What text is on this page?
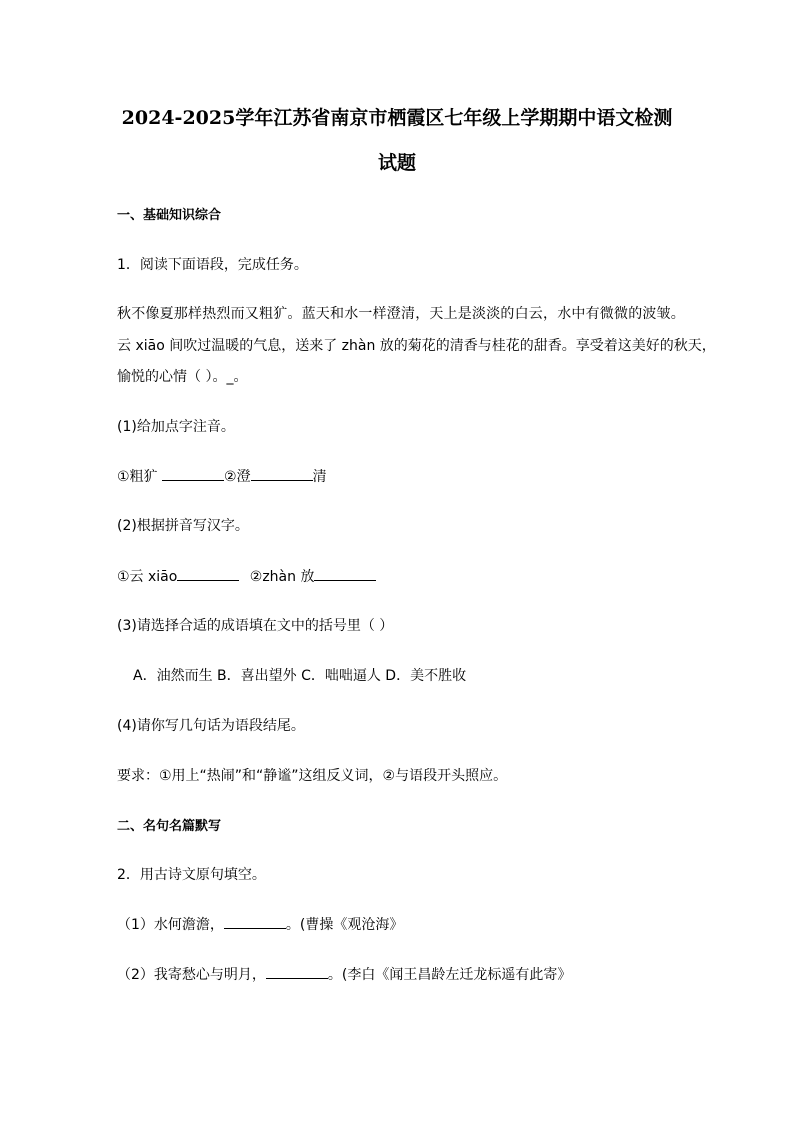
2024-2025学年江苏省南京市栖霞区七年级上学期期中语文检测
试题
一、基础知识综合
1．阅读下面语段，完成任务。
秋不像夏那样热烈而又粗犷。蓝天和水一样澄清，天上是淡淡的白云，水中有微微的波皱。
云 xiāo 间吹过温暖的气息，送来了 zhàn 放的菊花的清香与桂花的甜香。享受着这美好的秋天，
愉悦的心情（ ）。_。
(1)给加点字注音。
①粗犷	②澄	清
(2)根据拼音写汉字。
①云 xiāo	②zhàn 放
(3)请选择合适的成语填在文中的括号里（ ）
A．油然而生 B．喜出望外 C．咄咄逼人 D．美不胜收
(4)请你写几句话为语段结尾。
要求：①用上“热闹”和“静谧”这组反义词，②与语段开头照应。
二、名句名篇默写
2．用古诗文原句填空。
（1）水何澹澹，	。(曹操《观沧海》
（2）我寄愁心与明月，	。(李白《闻王昌龄左迁龙标遥有此寄》
